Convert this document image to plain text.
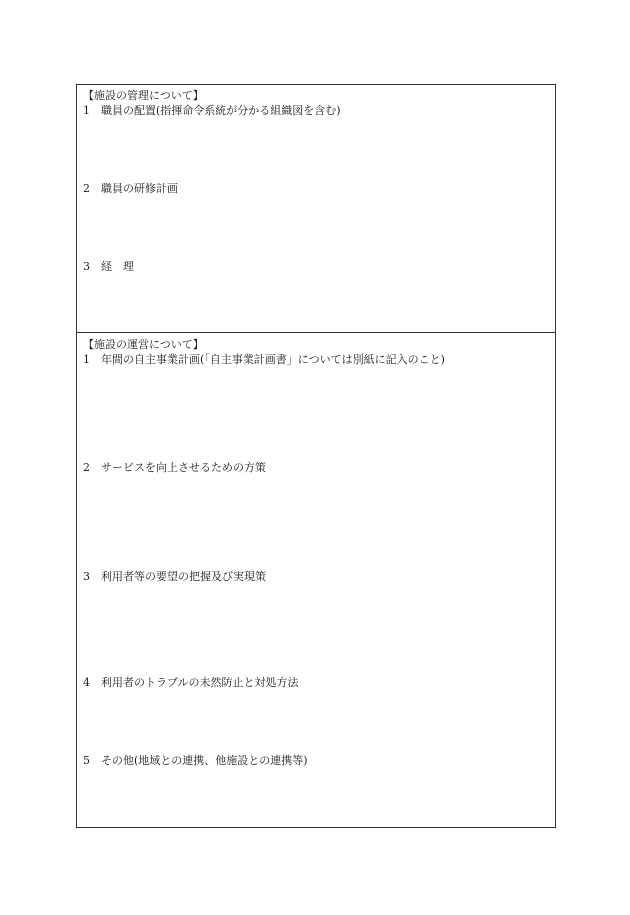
【施設の管理について】
1 職員の配置(指揮命令系統が分かる組織図を含む)
2 職員の研修計画
3 経　理
【施設の運営について】
1 年間の自主事業計画(「自主事業計画書」については別紙に記入のこと)
2 サービスを向上させるための方策
3 利用者等の要望の把握及び実現策
4 利用者のトラブルの未然防止と対処方法
5 その他(地域との連携、他施設との連携等)
